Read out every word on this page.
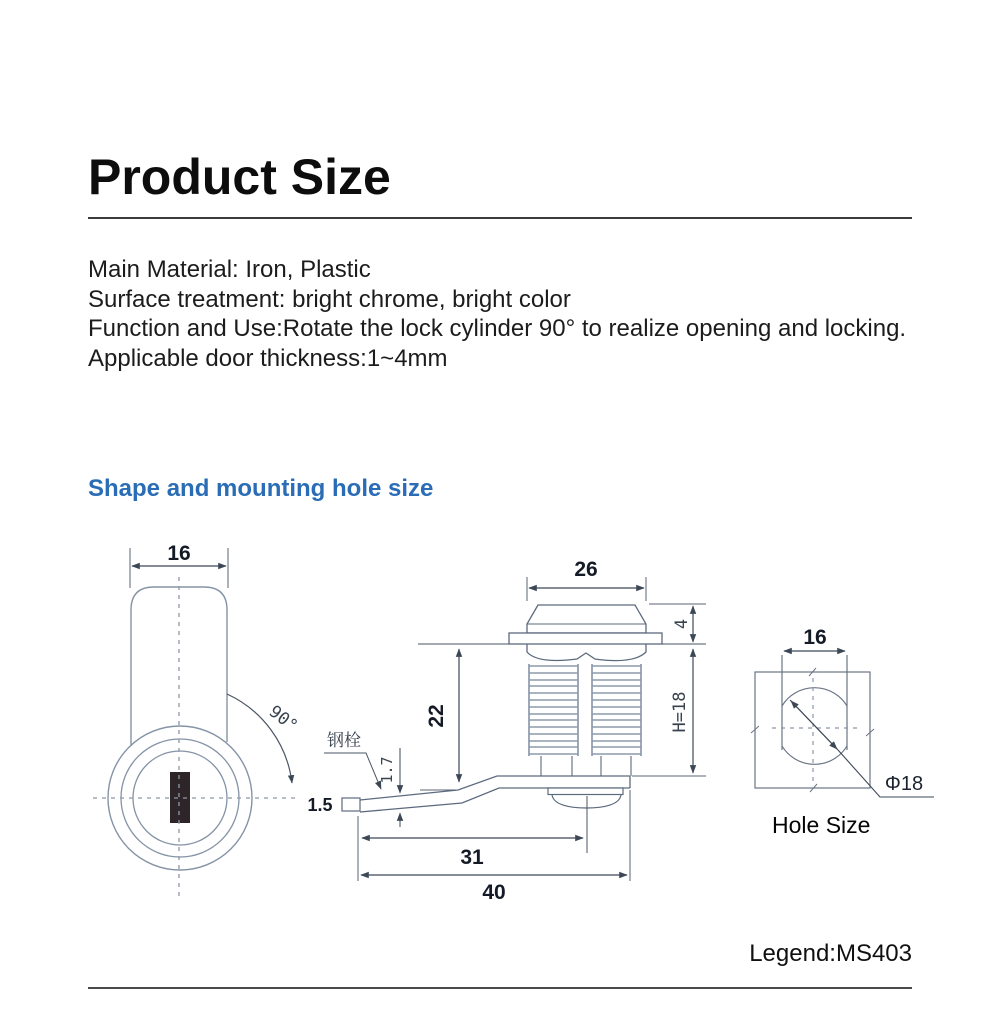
Product Size
Main Material: Iron, Plastic
Surface treatment: bright chrome, bright color
Function and Use:Rotate the lock cylinder 90° to realize opening and locking.
Applicable door thickness:1~4mm
Shape and mounting hole size
16
90°
26
22
钢栓
1.7
1.5
31
40
4
H=18
16
Φ18
Hole Size
Legend:MS403
